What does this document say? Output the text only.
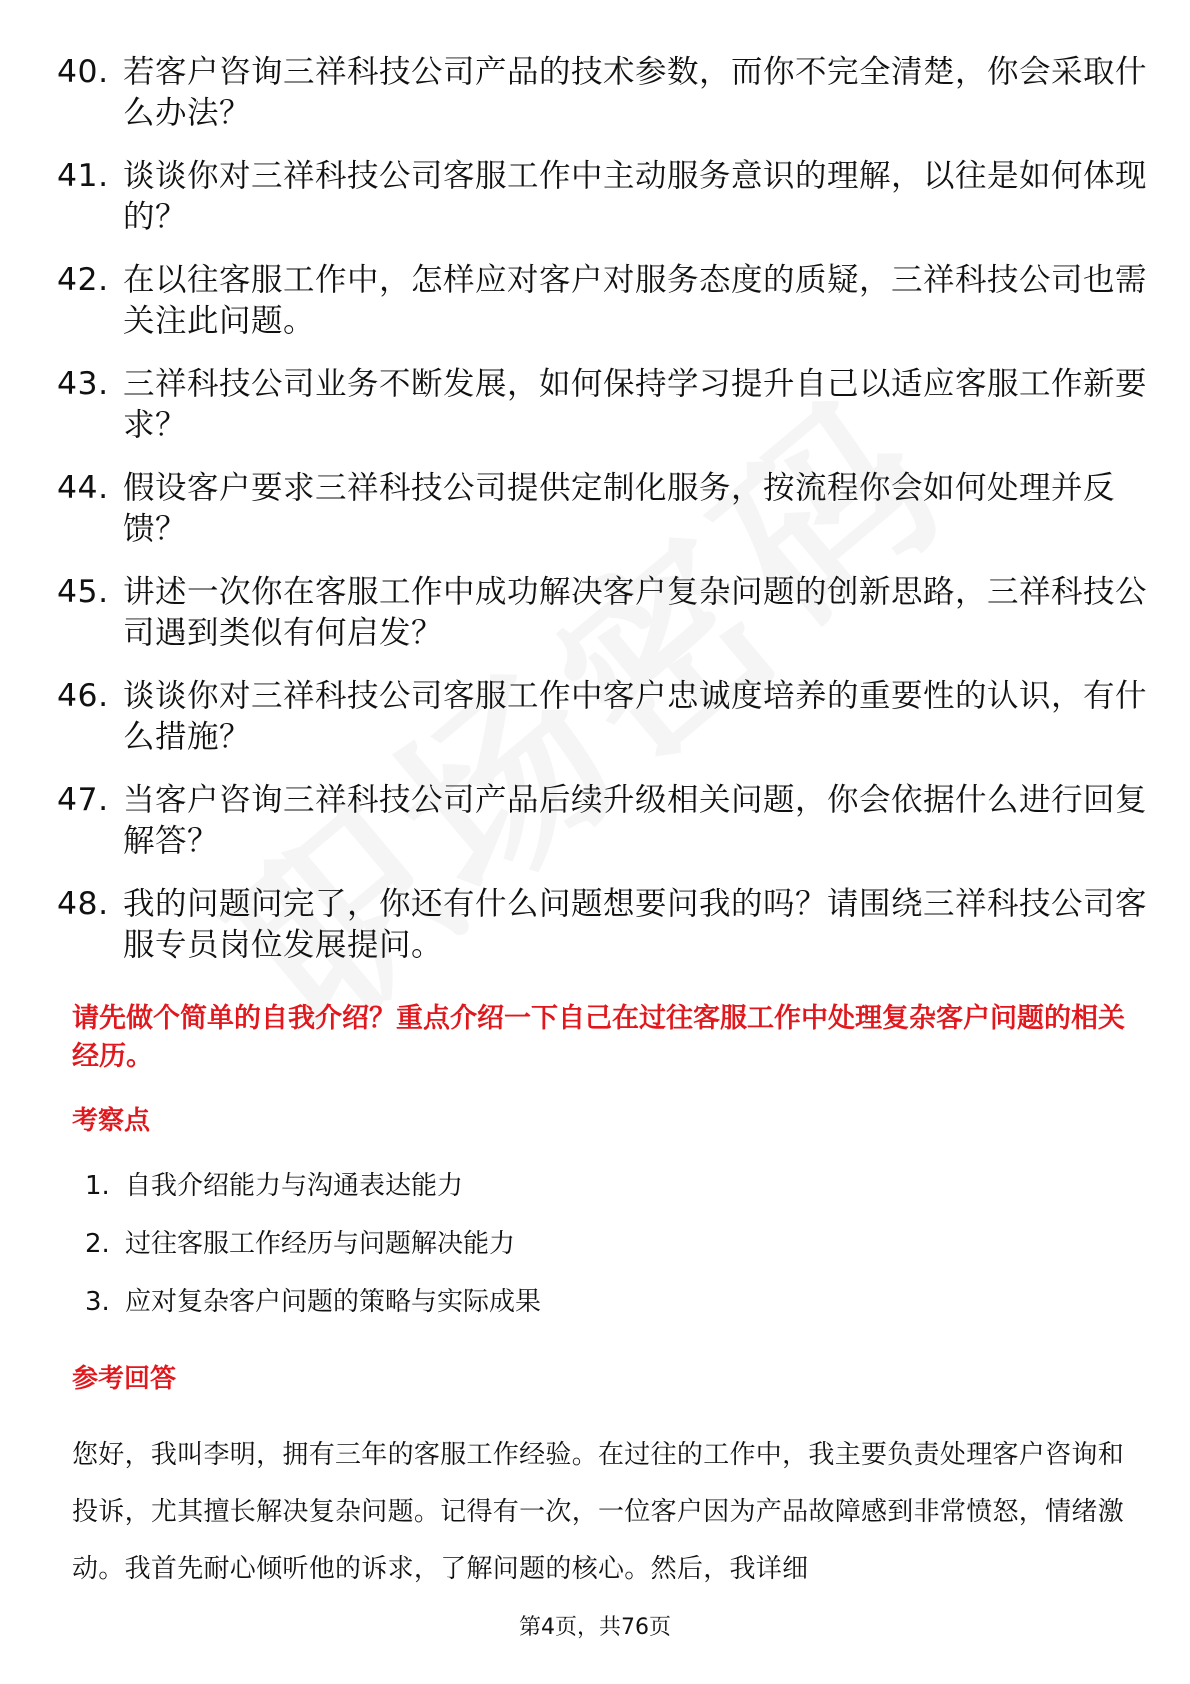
40. 若客户咨询三祥科技公司产品的技术参数，而你不完全清楚，你会采取什么办法？
41. 谈谈你对三祥科技公司客服工作中主动服务意识的理解，以往是如何体现的？
42. 在以往客服工作中，怎样应对客户对服务态度的质疑，三祥科技公司也需关注此问题。
43. 三祥科技公司业务不断发展，如何保持学习提升自己以适应客服工作新要求？
44. 假设客户要求三祥科技公司提供定制化服务，按流程你会如何处理并反馈？
45. 讲述一次你在客服工作中成功解决客户复杂问题的创新思路，三祥科技公司遇到类似有何启发？
46. 谈谈你对三祥科技公司客服工作中客户忠诚度培养的重要性的认识，有什么措施？
47. 当客户咨询三祥科技公司产品后续升级相关问题，你会依据什么进行回复解答？
48. 我的问题问完了，你还有什么问题想要问我的吗？请围绕三祥科技公司客服专员岗位发展提问。
请先做个简单的自我介绍？重点介绍一下自己在过往客服工作中处理复杂客户问题的相关经历。
考察点
1. 自我介绍能力与沟通表达能力
2. 过往客服工作经历与问题解决能力
3. 应对复杂客户问题的策略与实际成果
参考回答
您好，我叫李明，拥有三年的客服工作经验。在过往的工作中，我主要负责处理客户咨询和投诉，尤其擅长解决复杂问题。记得有一次，一位客户因为产品故障感到非常愤怒，情绪激动。我首先耐心倾听他的诉求，了解问题的核心。然后，我详细
第4页，共76页
